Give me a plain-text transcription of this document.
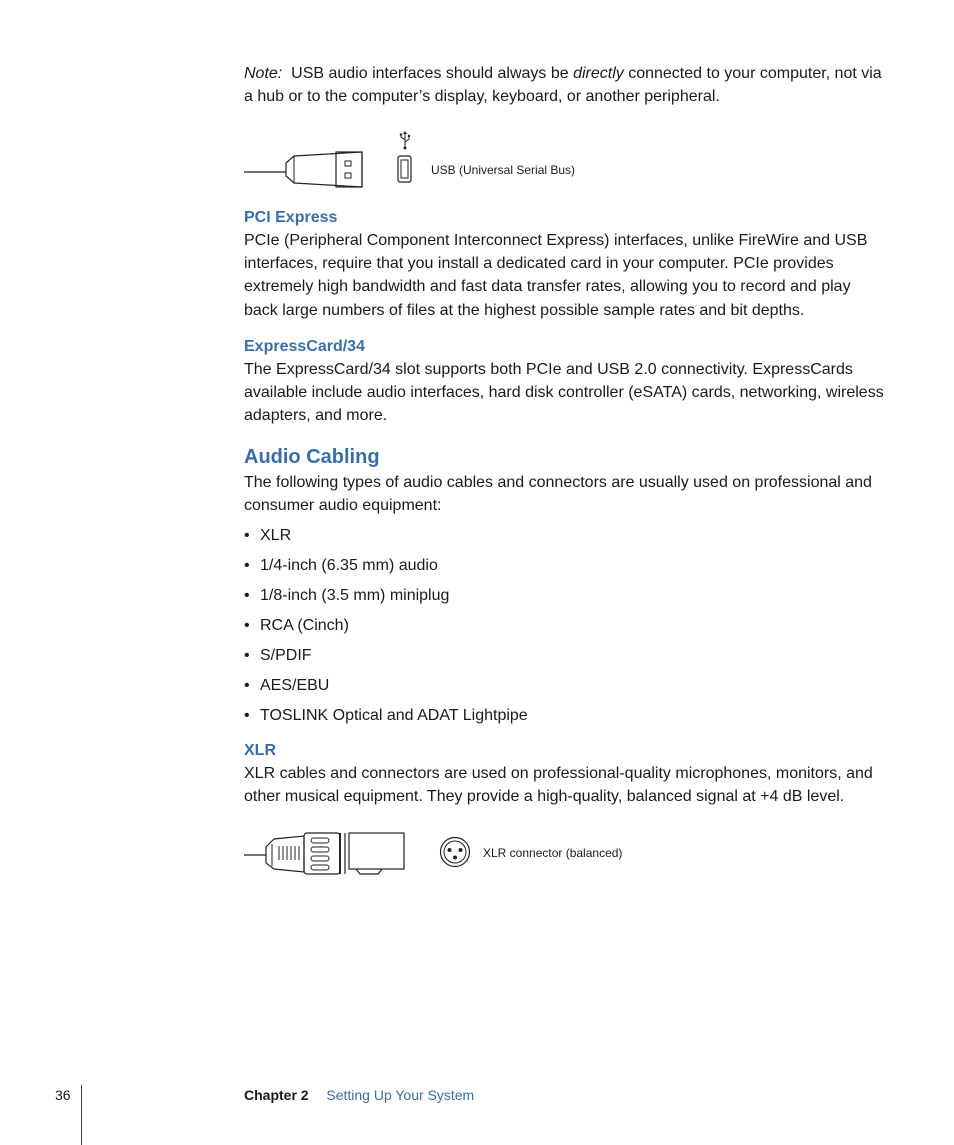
Note: USB audio interfaces should always be directly connected to your computer, not via a hub or to the computer’s display, keyboard, or another peripheral.

USB (Universal Serial Bus)
PCI Express

PCIe (Peripheral Component Interconnect Express) interfaces, unlike FireWire and USB interfaces, require that you install a dedicated card in your computer. PCIe provides extremely high bandwidth and fast data transfer rates, allowing you to record and play back large numbers of files at the highest possible sample rates and bit depths.

ExpressCard/34

The ExpressCard/34 slot supports both PCIe and USB 2.0 connectivity. ExpressCards available include audio interfaces, hard disk controller (eSATA) cards, networking, wireless adapters, and more.

Audio Cabling

The following types of audio cables and connectors are usually used on professional and consumer audio equipment:

• XLR
• 1/4-inch (6.35 mm) audio
• 1/8-inch (3.5 mm) miniplug
• RCA (Cinch)
• S/PDIF
• AES/EBU
• TOSLINK Optical and ADAT Lightpipe
XLR

XLR cables and connectors are used on professional-quality microphones, monitors, and other musical equipment. They provide a high-quality, balanced signal at +4 dB level.

XLR connector (balanced)
36	Chapter 2 Setting Up Your System
